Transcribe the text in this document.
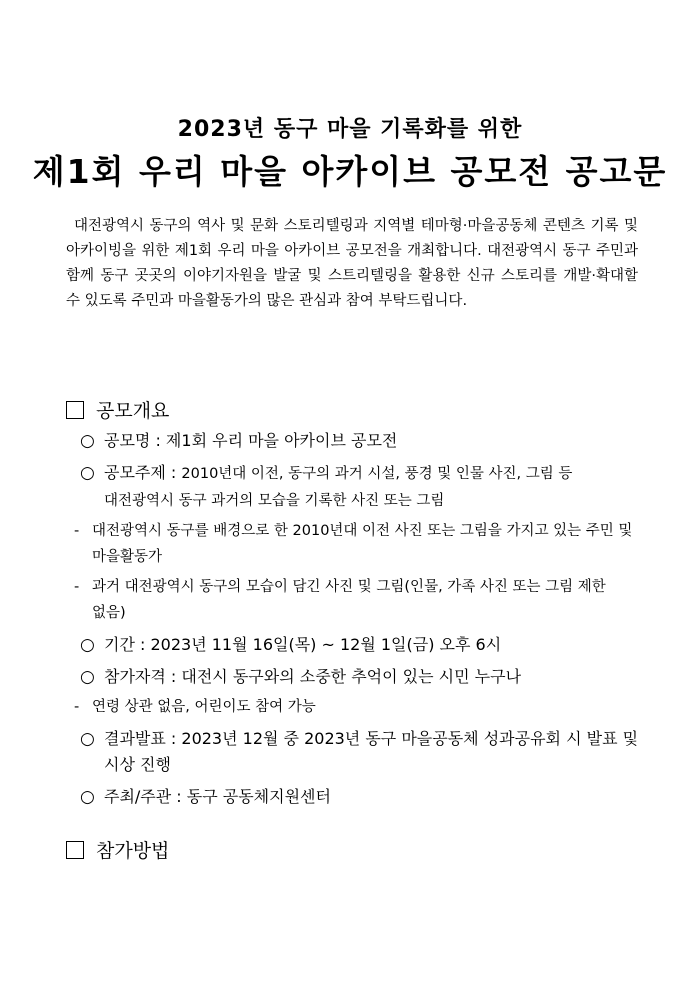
2023년 동구 마을 기록화를 위한
제1회 우리 마을 아카이브 공모전 공고문

대전광역시 동구의 역사 및 문화 스토리텔링과 지역별 테마형·마을공동체 콘텐츠 기록 및 아카이빙을 위한 제1회 우리 마을 아카이브 공모전을 개최합니다. 대전광역시 동구 주민과 함께 동구 곳곳의 이야기자원을 발굴 및 스트리텔링을 활용한 신규 스토리를 개발·확대할 수 있도록 주민과 마을활동가의 많은 관심과 참여 부탁드립니다.

공모개요
○ 공모명 : 제1회 우리 마을 아카이브 공모전
○ 공모주제 : 2010년대 이전, 동구의 과거 시설, 풍경 및 인물 사진, 그림 등 대전광역시 동구 과거의 모습을 기록한 사진 또는 그림
- 대전광역시 동구를 배경으로 한 2010년대 이전 사진 또는 그림을 가지고 있는 주민 및 마을활동가
- 과거 대전광역시 동구의 모습이 담긴 사진 및 그림(인물, 가족 사진 또는 그림 제한 없음)
○ 기간 : 2023년 11월 16일(목) ~ 12월 1일(금) 오후 6시
○ 참가자격 : 대전시 동구와의 소중한 추억이 있는 시민 누구나
- 연령 상관 없음, 어린이도 참여 가능
○ 결과발표 : 2023년 12월 중 2023년 동구 마을공동체 성과공유회 시 발표 및 시상 진행
○ 주최/주관 : 동구 공동체지원센터
참가방법
